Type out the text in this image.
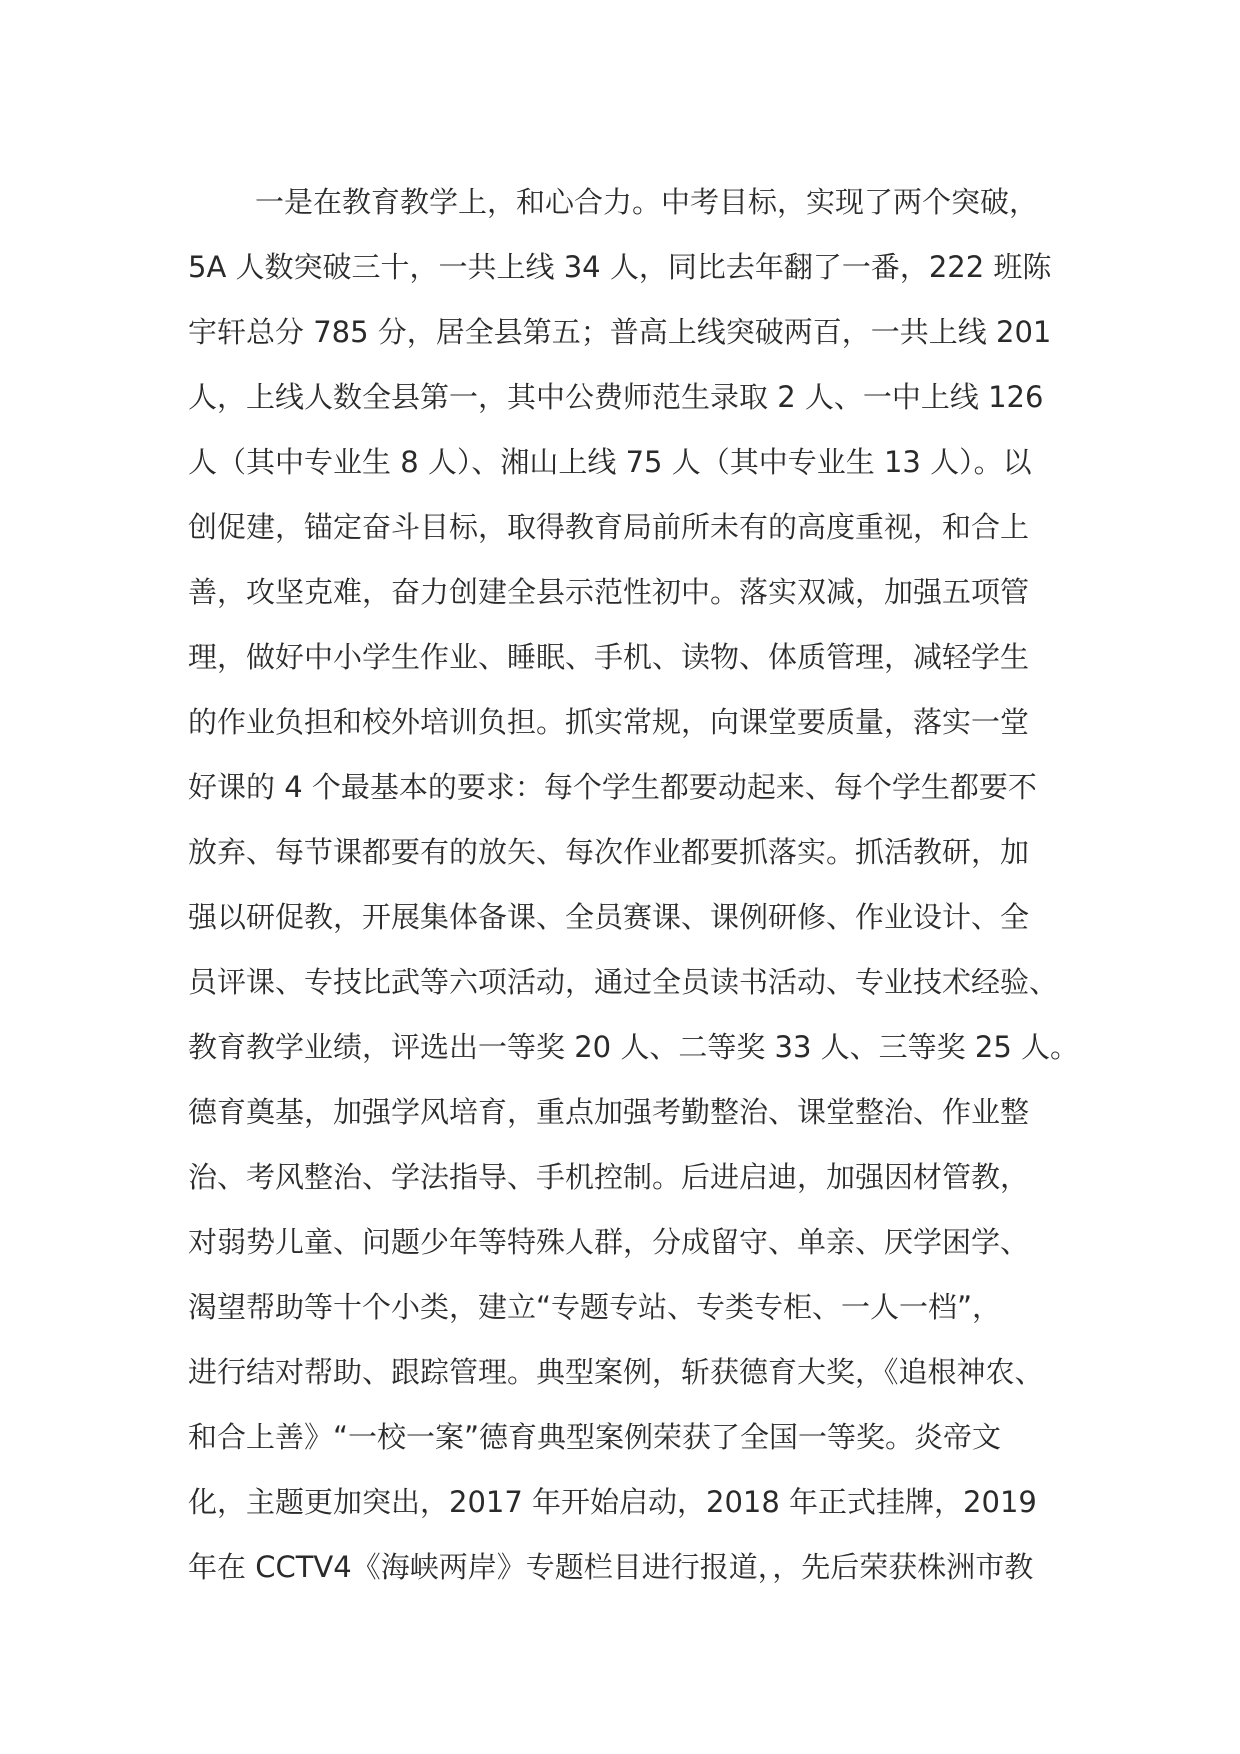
一是在教育教学上，和心合力。中考目标，实现了两个突破，
5A 人数突破三十，一共上线 34 人，同比去年翻了一番，222 班陈
宇轩总分 785 分，居全县第五；普高上线突破两百，一共上线 201
人，上线人数全县第一，其中公费师范生录取 2 人、一中上线 126
人（其中专业生 8 人）、湘山上线 75 人（其中专业生 13 人）。以
创促建，锚定奋斗目标，取得教育局前所未有的高度重视，和合上
善，攻坚克难，奋力创建全县示范性初中。落实双减，加强五项管
理，做好中小学生作业、睡眠、手机、读物、体质管理，减轻学生
的作业负担和校外培训负担。抓实常规，向课堂要质量，落实一堂
好课的 4 个最基本的要求：每个学生都要动起来、每个学生都要不
放弃、每节课都要有的放矢、每次作业都要抓落实。抓活教研，加
强以研促教，开展集体备课、全员赛课、课例研修、作业设计、全
员评课、专技比武等六项活动，通过全员读书活动、专业技术经验、
教育教学业绩，评选出一等奖 20 人、二等奖 33 人、三等奖 25 人。
德育奠基，加强学风培育，重点加强考勤整治、课堂整治、作业整
治、考风整治、学法指导、手机控制。后进启迪，加强因材管教，
对弱势儿童、问题少年等特殊人群，分成留守、单亲、厌学困学、
渴望帮助等十个小类，建立“专题专站、专类专柜、一人一档”，
进行结对帮助、跟踪管理。典型案例，斩获德育大奖，《追根神农、
和合上善》“一校一案”德育典型案例荣获了全国一等奖。炎帝文
化，主题更加突出，2017 年开始启动，2018 年正式挂牌，2019
年在 CCTV4《海峡两岸》专题栏目进行报道，，先后荣获株洲市教
